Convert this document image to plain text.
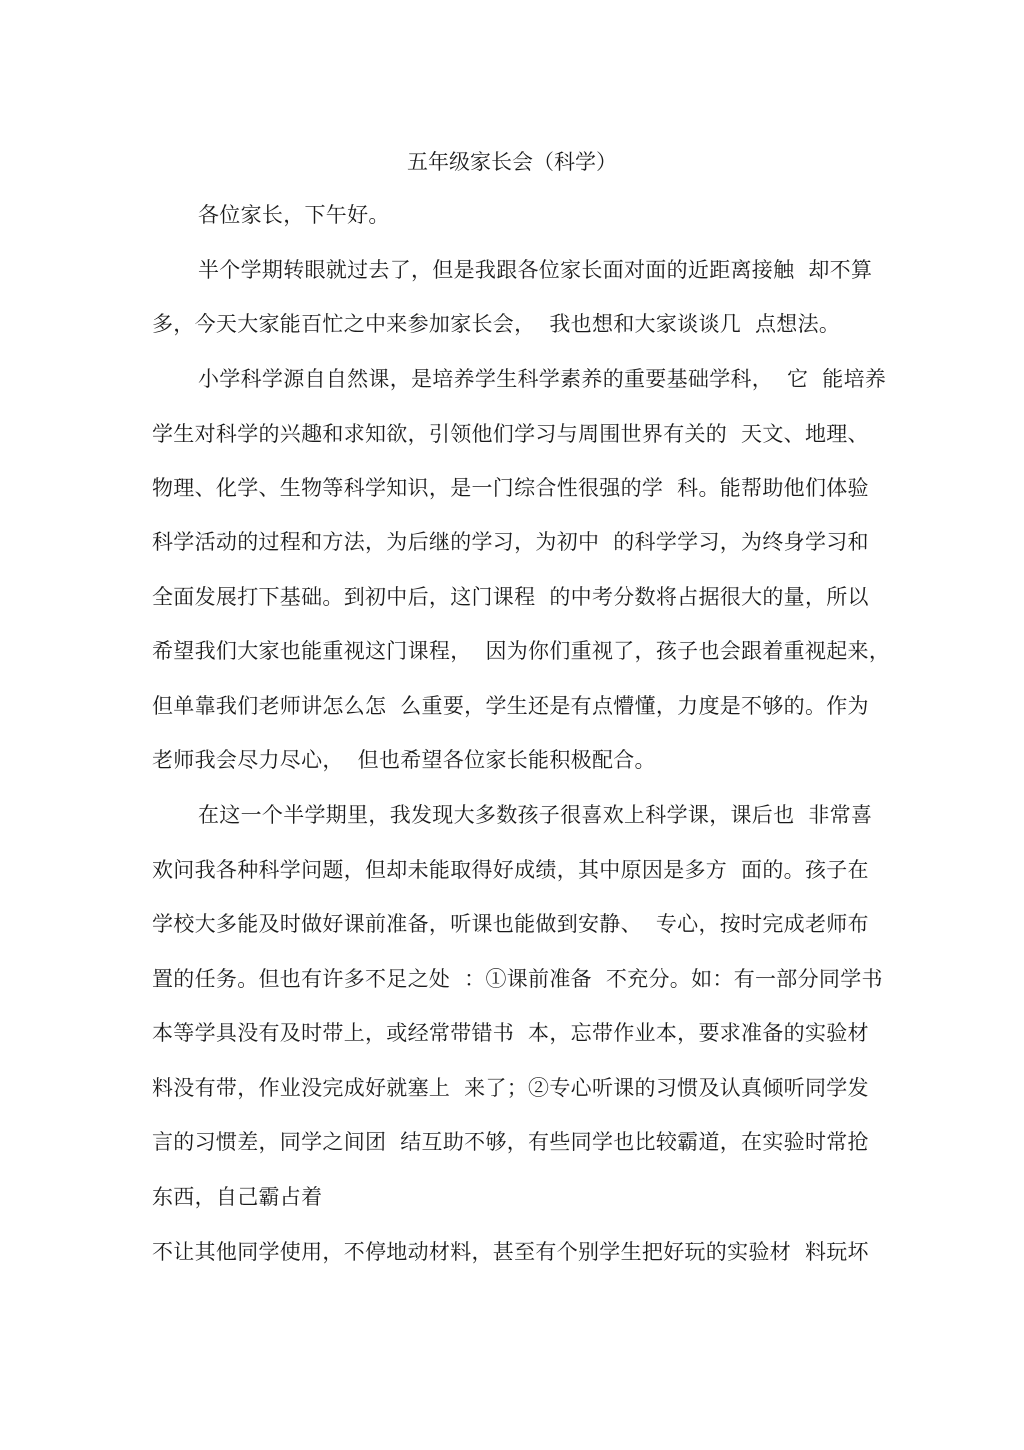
五年级家长会（科学）
各位家长，下午好。
半个学期转眼就过去了，但是我跟各位家长面对面的近距离接触  却不算
多，今天大家能百忙之中来参加家长会，  我也想和大家谈谈几  点想法。
小学科学源自自然课，是培养学生科学素养的重要基础学科，  它  能培养
学生对科学的兴趣和求知欲，引领他们学习与周围世界有关的  天文、地理、
物理、化学、生物等科学知识，是一门综合性很强的学  科。能帮助他们体验
科学活动的过程和方法，为后继的学习，为初中  的科学学习，为终身学习和
全面发展打下基础。到初中后，这门课程  的中考分数将占据很大的量，所以
希望我们大家也能重视这门课程，  因为你们重视了，孩子也会跟着重视起来，
但单靠我们老师讲怎么怎  么重要，学生还是有点懵懂，力度是不够的。作为
老师我会尽力尽心，  但也希望各位家长能积极配合。
在这一个半学期里，我发现大多数孩子很喜欢上科学课，课后也  非常喜
欢问我各种科学问题，但却未能取得好成绩，其中原因是多方  面的。孩子在
学校大多能及时做好课前准备，听课也能做到安静、  专心，按时完成老师布
置的任务。但也有许多不足之处  ：①课前准备  不充分。如：有一部分同学书
本等学具没有及时带上，或经常带错书  本，忘带作业本，要求准备的实验材
料没有带，作业没完成好就塞上  来了；②专心听课的习惯及认真倾听同学发
言的习惯差，同学之间团  结互助不够，有些同学也比较霸道，在实验时常抢
东西，自己霸占着
不让其他同学使用，不停地动材料，甚至有个别学生把好玩的实验材  料玩坏
